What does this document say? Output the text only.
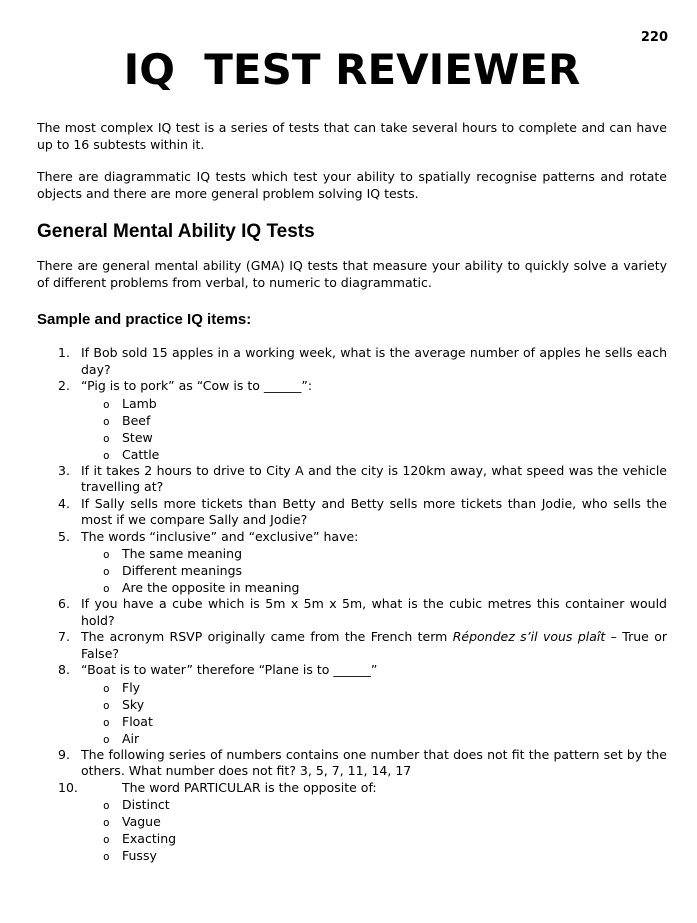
220
IQ  TEST REVIEWER

The most complex IQ test is a series of tests that can take several hours to complete and can have up to 16 subtests within it.

There are diagrammatic IQ tests which test your ability to spatially recognise patterns and rotate objects and there are more general problem solving IQ tests.

General Mental Ability IQ Tests

There are general mental ability (GMA) IQ tests that measure your ability to quickly solve a variety of different problems from verbal, to numeric to diagrammatic.

Sample and practice IQ items:
1. If Bob sold 15 apples in a working week, what is the average number of apples he sells each day?
2. “Pig is to pork” as “Cow is to ______”:
o Lamb
o Beef
o Stew
o Cattle
3. If it takes 2 hours to drive to City A and the city is 120km away, what speed was the vehicle travelling at?
4. If Sally sells more tickets than Betty and Betty sells more tickets than Jodie, who sells the most if we compare Sally and Jodie?
5. The words “inclusive” and “exclusive” have:
o The same meaning
o Different meanings
o Are the opposite in meaning
6. If you have a cube which is 5m x 5m x 5m, what is the cubic metres this container would hold?
7. The acronym RSVP originally came from the French term Répondez s’il vous plaît – True or False?
8. “Boat is to water” therefore “Plane is to ______”
o Fly
o Sky
o Float
o Air
9. The following series of numbers contains one number that does not fit the pattern set by the others. What number does not fit? 3, 5, 7, 11, 14, 17
10.	The word PARTICULAR is the opposite of:
o Distinct
o Vague
o Exacting
o Fussy
